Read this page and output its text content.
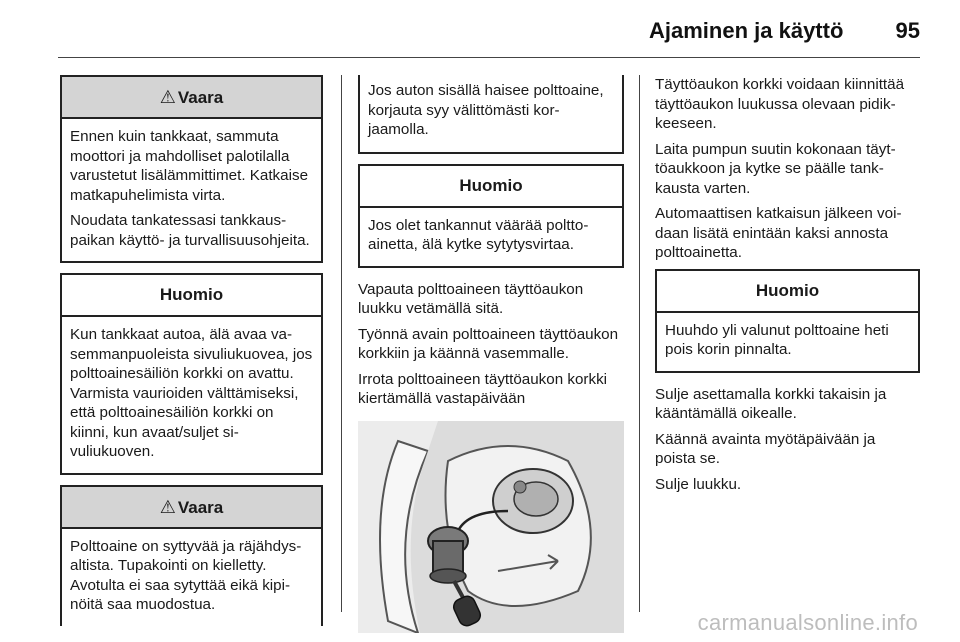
Ajaminen ja käyttö 95
⚠ Vaara

Ennen kuin tankkaat, sammuta moottori ja mahdolliset palotilalla varustetut lisälämmittimet. Katkaise matkapuhelimista virta.

Noudata tankatessasi tankkauspaikan käyttö- ja turvallisuusohjeita.

Huomio

Kun tankkaat autoa, älä avaa vasemmanpuoleista sivuliukuovea, jos polttoainesäiliön korkki on avattu. Varmista vaurioiden välttämiseksi, että polttoainesäiliön korkki on kiinni, kun avaat/suljet sivuliukuoven.

⚠ Vaara

Polttoaine on syttyvää ja räjähdysaltista. Tupakointi on kielletty. Avotulta ei saa sytyttää eikä kipinöitä saa muodostua.

Jos auton sisällä haisee polttoaine, korjauta syy välittömästi korjaamolla.

Huomio

Jos olet tankannut väärää polttoainetta, älä kytke sytytysvirtaa.

Vapauta polttoaineen täyttöaukon luukku vetämällä sitä.

Työnnä avain polttoaineen täyttöaukon korkkiin ja käännä vasemmalle.

Irrota polttoaineen täyttöaukon korkki kiertämällä vastapäivään

Täyttöaukon korkki voidaan kiinnittää täyttöaukon luukussa olevaan pidikkeeseen.

Laita pumpun suutin kokonaan täyttöaukkoon ja kytke se päälle tankkausta varten.

Automaattisen katkaisun jälkeen voidaan lisätä enintään kaksi annosta polttoainetta.

Huomio

Huuhdo yli valunut polttoaine heti pois korin pinnalta.

Sulje asettamalla korkki takaisin ja kääntämällä oikealle.

Käännä avainta myötäpäivään ja poista se.

Sulje luukku.

carmanualsonline.info
